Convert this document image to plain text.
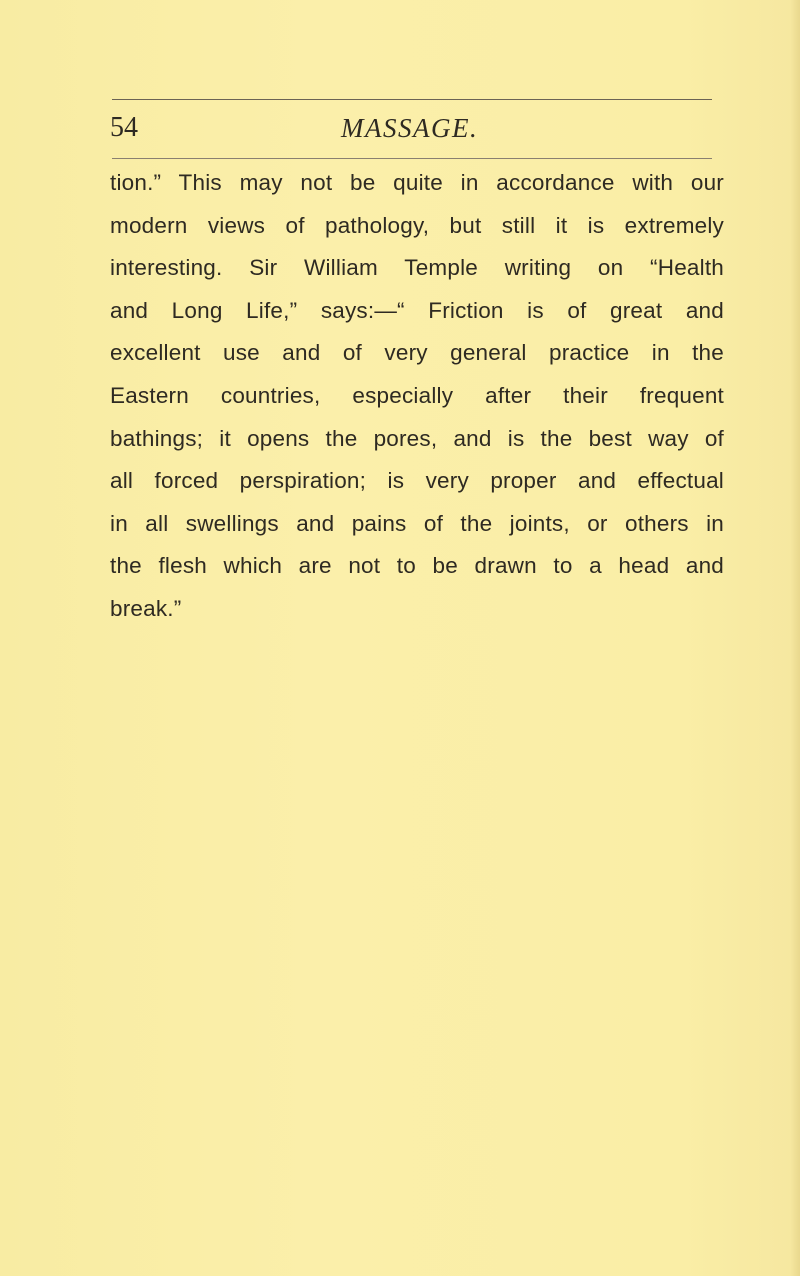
54	MASSAGE.
tion.” This may not be quite in accordance with our
modern views of pathology, but still it is extremely
interesting. Sir William Temple writing on “Health
and Long Life,” says:—“ Friction is of great and
excellent use and of very general practice in the
Eastern countries, especially after their frequent
bathings; it opens the pores, and is the best way of
all forced perspiration; is very proper and effectual
in all swellings and pains of the joints, or others in
the flesh which are not to be drawn to a head and
break.”
